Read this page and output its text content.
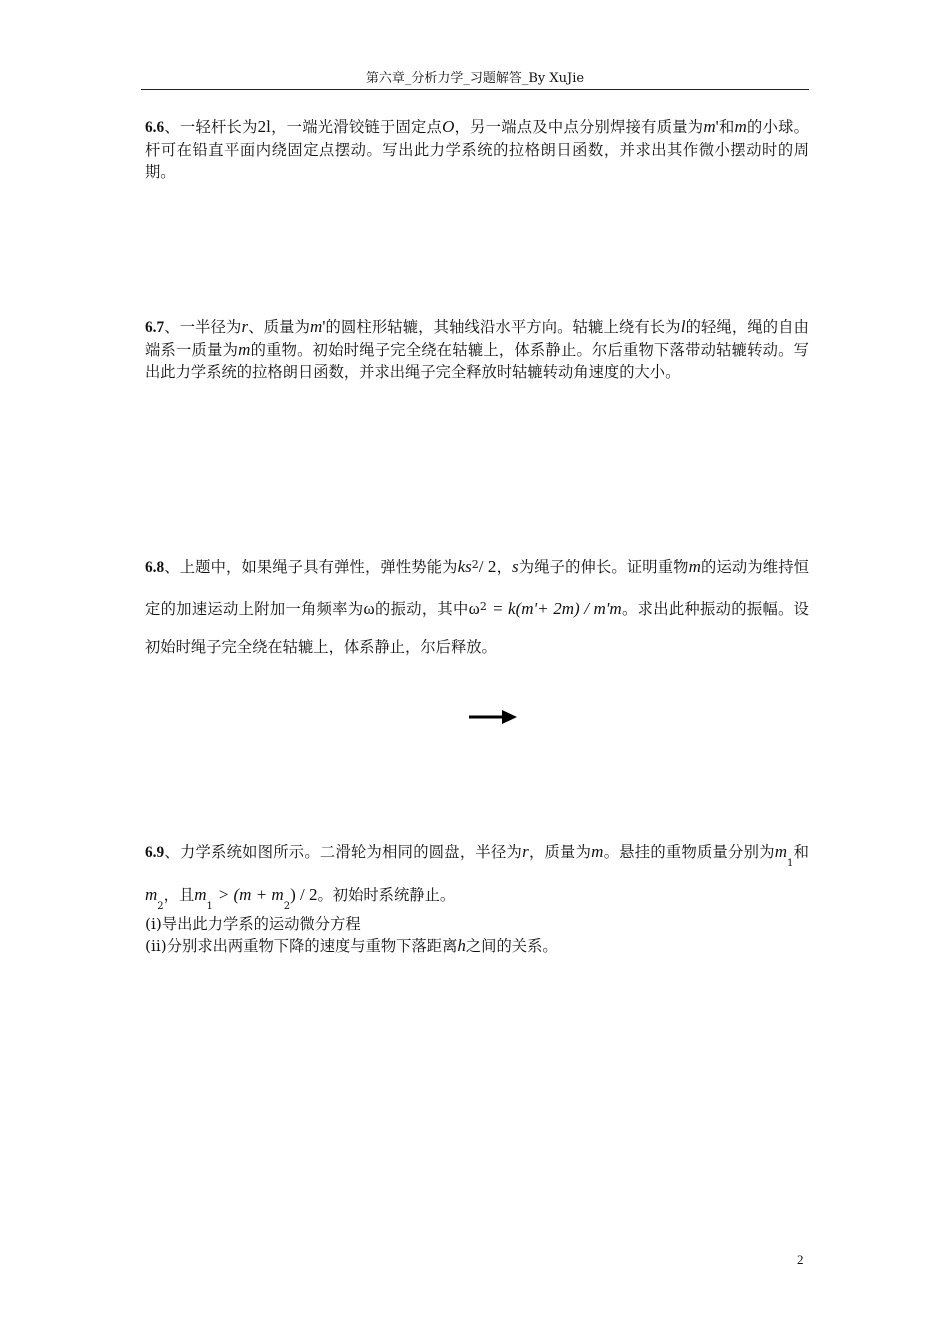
第六章_分析力学_习题解答_By XuJie

6.6、一轻杆长为2l，一端光滑铰链于固定点O，另一端点及中点分别焊接有质量为m'和m的小球。杆可在铅直平面内绕固定点摆动。写出此力学系统的拉格朗日函数，并求出其作微小摆动时的周期。

6.7、一半径为r、质量为m'的圆柱形轱辘，其轴线沿水平方向。轱辘上绕有长为l的轻绳，绳的自由端系一质量为m的重物。初始时绳子完全绕在轱辘上，体系静止。尔后重物下落带动轱辘转动。写出此力学系统的拉格朗日函数，并求出绳子完全释放时轱辘转动角速度的大小。

6.8、上题中，如果绳子具有弹性，弹性势能为$ks^2/$ 2，s为绳子的伸长。证明重物m的运动为维持恒定的加速运动上附加一角频率为ω的振动，其中$\omega^2 = k(m'+ 2m) / m'm$。求出此种振动的振幅。设初始时绳子完全绕在轱辘上，体系静止，尔后释放。

6.9、力学系统如图所示。二滑轮为相同的圆盘，半径为r，质量为m。悬挂的重物质量分别为$m_1$和$m_2$，且$m_1 > (m + m_2) / 2$。初始时系统静止。

(i)导出此力学系的运动微分方程
(ii)分别求出两重物下降的速度与重物下落距离h之间的关系。
2
